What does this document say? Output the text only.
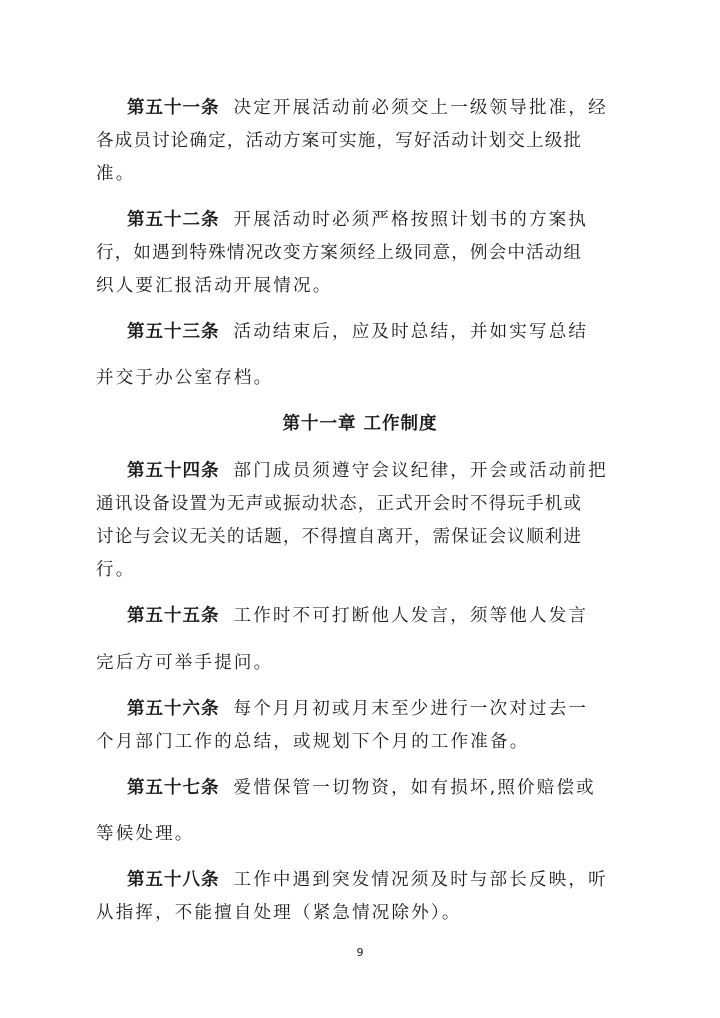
第五十一条 决定开展活动前必须交上一级领导批准，经
各成员讨论确定，活动方案可实施，写好活动计划交上级批
准。
第五十二条 开展活动时必须严格按照计划书的方案执
行，如遇到特殊情况改变方案须经上级同意，例会中活动组
织人要汇报活动开展情况。
第五十三条 活动结束后，应及时总结，并如实写总结
并交于办公室存档。
第十一章 工作制度
第五十四条 部门成员须遵守会议纪律，开会或活动前把
通讯设备设置为无声或振动状态，正式开会时不得玩手机或
讨论与会议无关的话题，不得擅自离开，需保证会议顺利进
行。
第五十五条 工作时不可打断他人发言，须等他人发言
完后方可举手提问。
第五十六条 每个月月初或月末至少进行一次对过去一
个月部门工作的总结，或规划下个月的工作准备。
第五十七条 爱惜保管一切物资，如有损坏,照价赔偿或
等候处理。
第五十八条 工作中遇到突发情况须及时与部长反映，听
从指挥，不能擅自处理（紧急情况除外）。
9
